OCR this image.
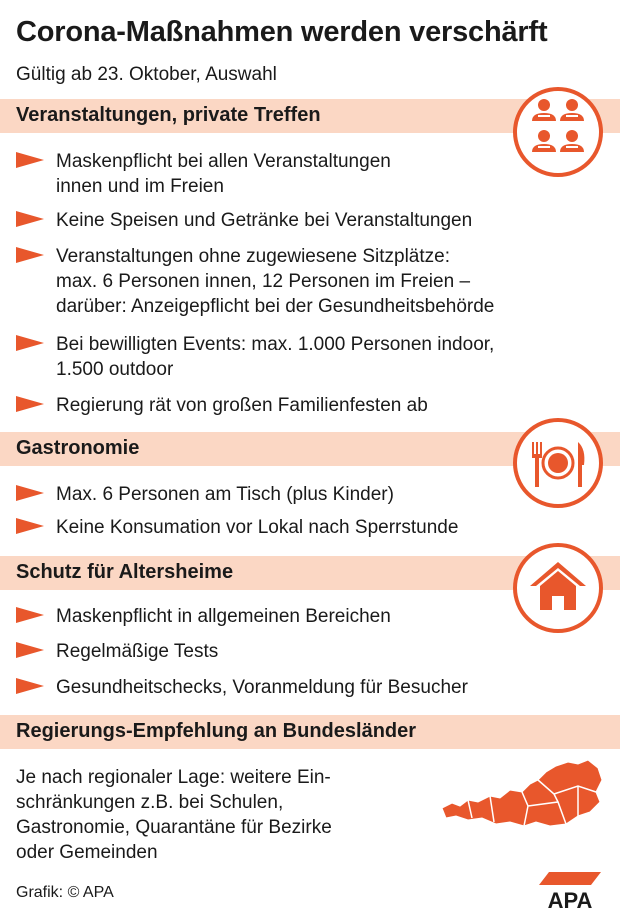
Corona-Maßnahmen werden verschärft
Gültig ab 23. Oktober, Auswahl
Veranstaltungen, private Treffen
Maskenpflicht bei allen Veranstaltungen
innen und im Freien
Keine Speisen und Getränke bei Veranstaltungen
Veranstaltungen ohne zugewiesene Sitzplätze:
max. 6 Personen innen, 12 Personen im Freien –
darüber: Anzeigepflicht bei der Gesundheitsbehörde
Bei bewilligten Events: max. 1.000 Personen indoor,
1.500 outdoor
Regierung rät von großen Familienfesten ab
Gastronomie
Max. 6 Personen am Tisch (plus Kinder)
Keine Konsumation vor Lokal nach Sperrstunde
Schutz für Altersheime
Maskenpflicht in allgemeinen Bereichen
Regelmäßige Tests
Gesundheitschecks, Voranmeldung für Besucher
Regierungs-Empfehlung an Bundesländer
Je nach regionaler Lage: weitere Ein-
schränkungen z.B. bei Schulen,
Gastronomie, Quarantäne für Bezirke
oder Gemeinden
Grafik: © APA	APA
